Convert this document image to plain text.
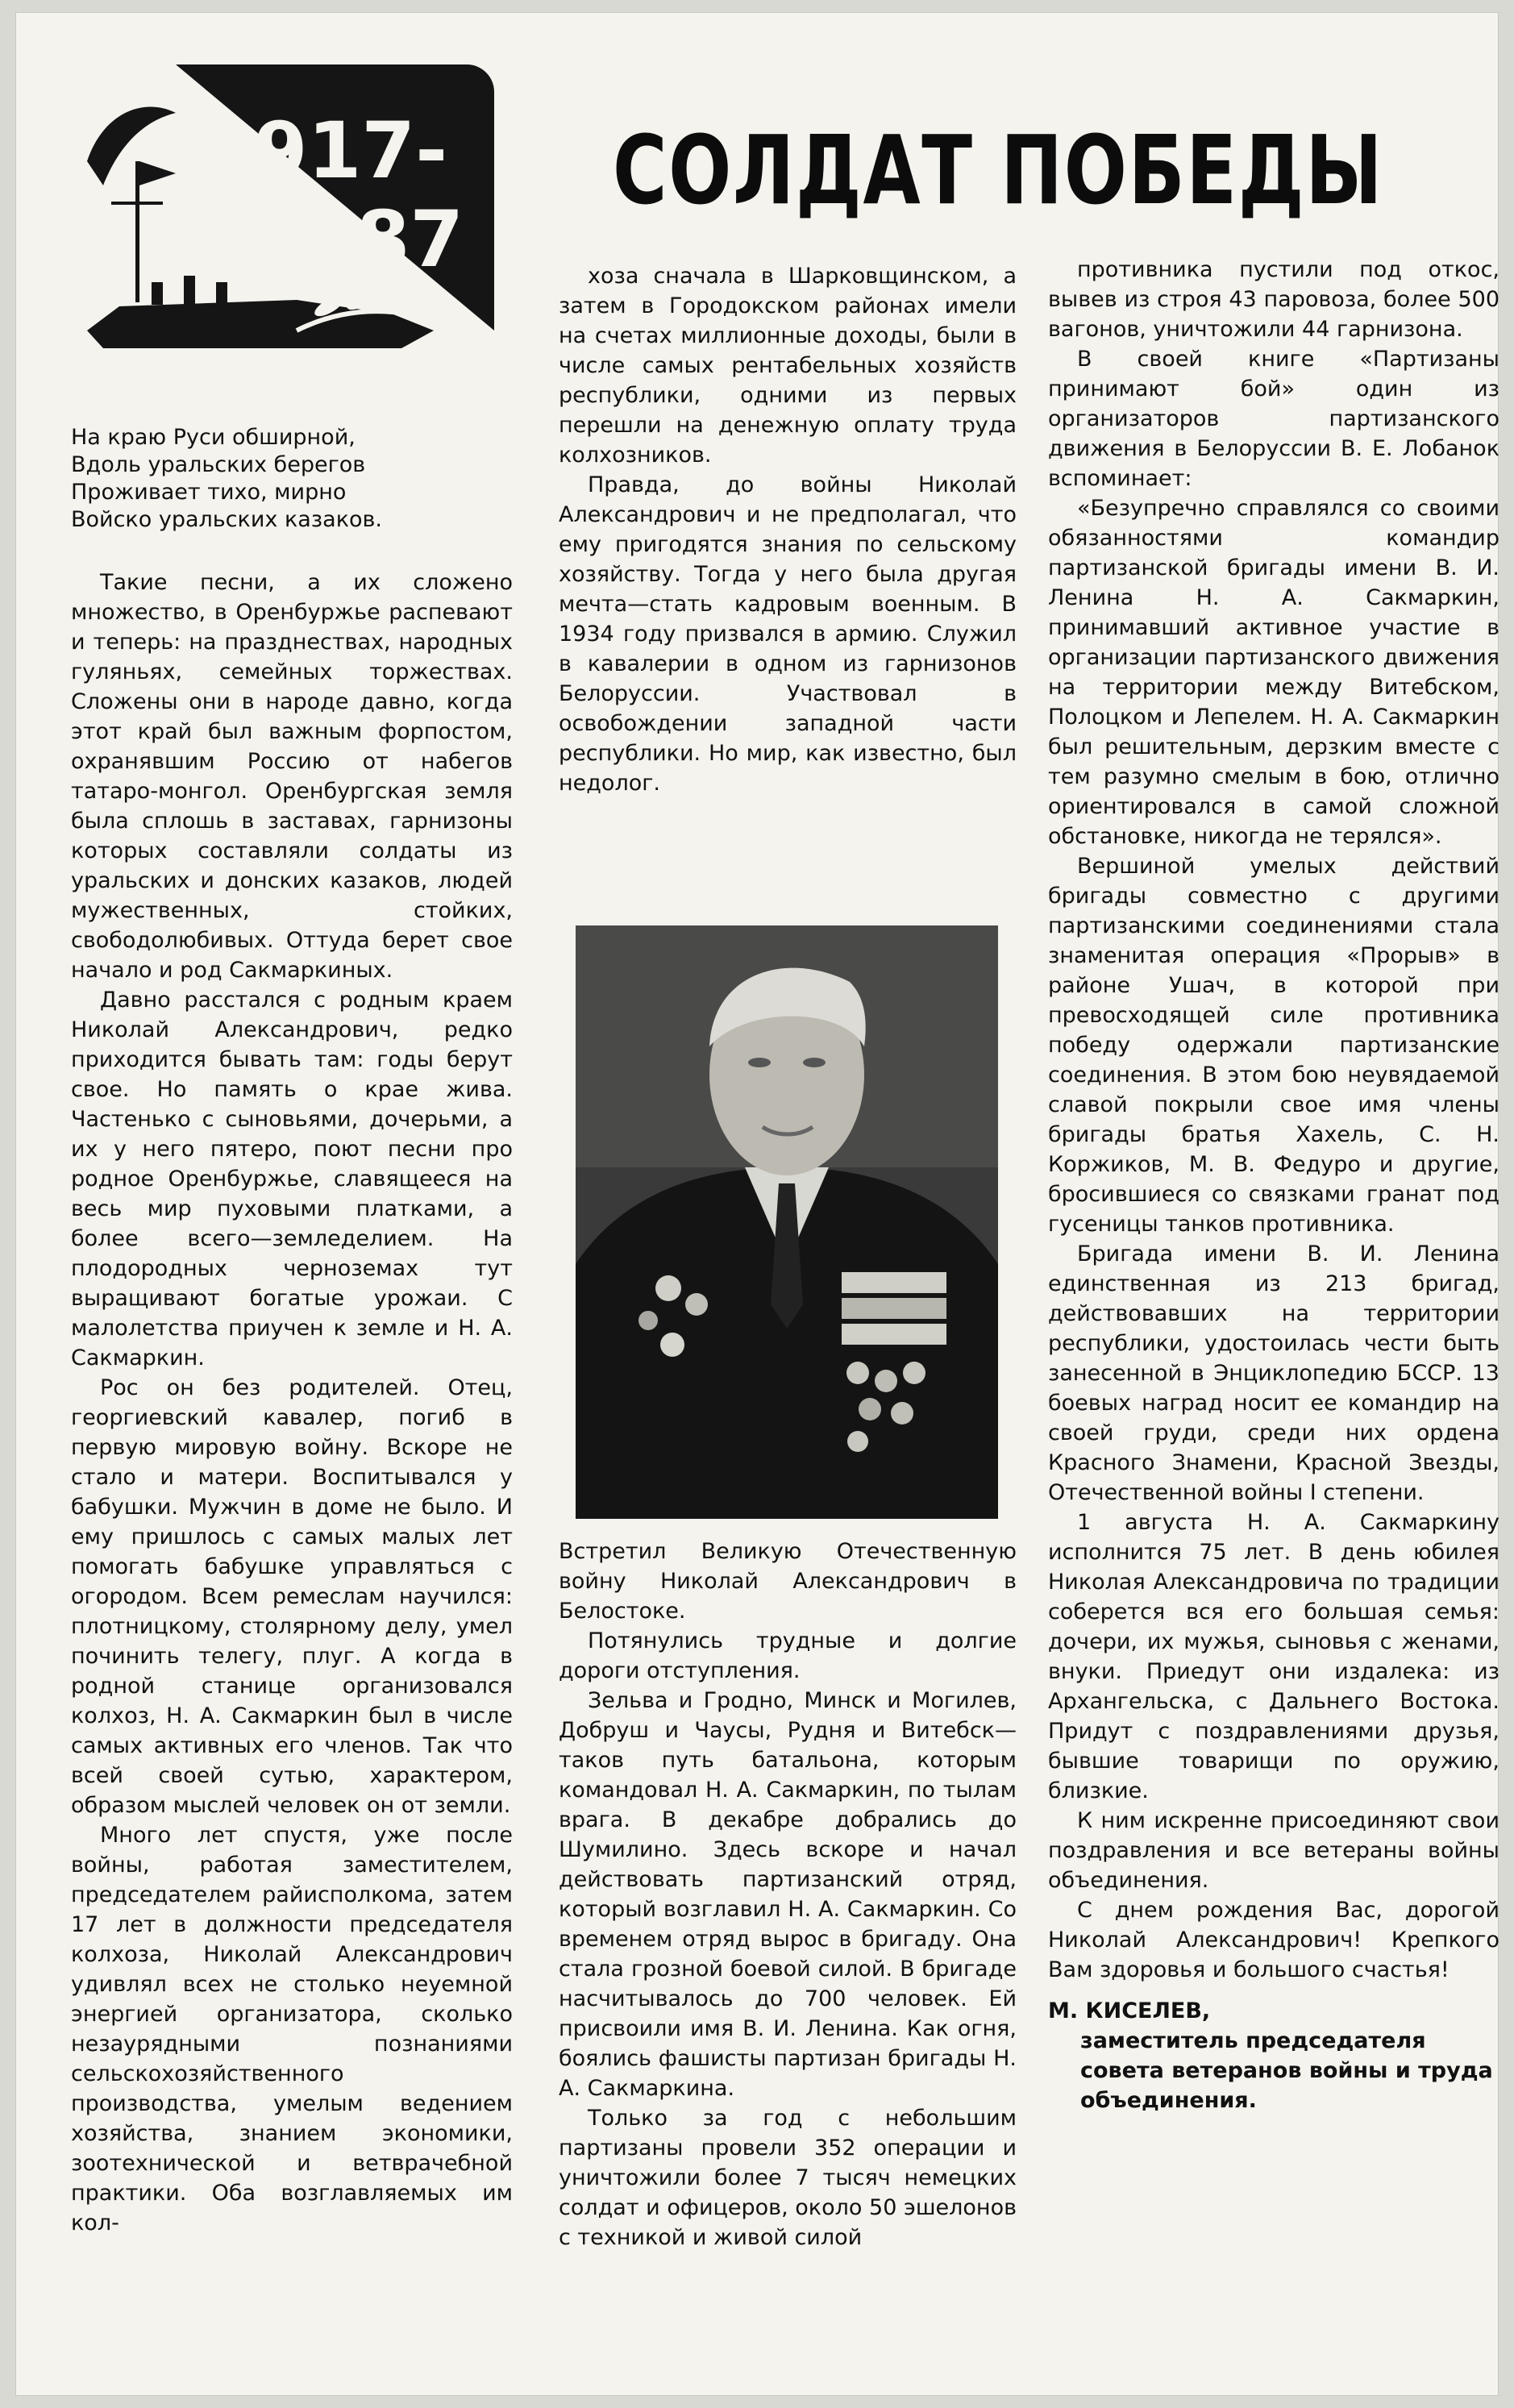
1917-
1987
СОЛДАТ ПОБЕДЫ
На краю Руси обширной,
Вдоль уральских берегов
Проживает тихо, мирно
Войско уральских казаков.

Такие песни, а их сложено множество, в Оренбуржье распевают и теперь: на празднествах, народных гуляньях, семейных торжествах. Сложены они в народе давно, когда этот край был важным форпостом, охранявшим Россию от набегов татаро-монгол. Оренбургская земля была сплошь в заставах, гарнизоны которых составляли солдаты из уральских и донских казаков, людей мужественных, стойких, свободолюбивых. Оттуда берет свое начало и род Сакмаркиных.

Давно расстался с родным краем Николай Александрович, редко приходится бывать там: годы берут свое. Но память о крае жива. Частенько с сыновьями, дочерьми, а их у него пятеро, поют песни про родное Оренбуржье, славящееся на весь мир пуховыми платками, а более всего—земледелием. На плодородных черноземах тут выращивают богатые урожаи. С малолетства приучен к земле и Н. А. Сакмаркин.

Рос он без родителей. Отец, георгиевский кавалер, погиб в первую мировую войну. Вскоре не стало и матери. Воспитывался у бабушки. Мужчин в доме не было. И ему пришлось с самых малых лет помогать бабушке управляться с огородом. Всем ремеслам научился: плотницкому, столярному делу, умел починить телегу, плуг. А когда в родной станице организовался колхоз, Н. А. Сакмаркин был в числе самых активных его членов. Так что всей своей сутью, характером, образом мыслей человек он от земли.

Много лет спустя, уже после войны, работая заместителем, председателем райисполкома, затем 17 лет в должности председателя колхоза, Николай Александрович удивлял всех не столько неуемной энергией организатора, сколько незаурядными познаниями сельскохозяйственного производства, умелым ведением хозяйства, знанием экономики, зоотехнической и ветврачебной практики. Оба возглавляемых им кол-

хоза сначала в Шарковщинском, а затем в Городокском районах имели на счетах миллионные доходы, были в числе самых рентабельных хозяйств республики, одними из первых перешли на денежную оплату труда колхозников.

Правда, до войны Николай Александрович и не предполагал, что ему пригодятся знания по сельскому хозяйству. Тогда у него была другая мечта—стать кадровым военным. В 1934 году призвался в армию. Служил в кавалерии в одном из гарнизонов Белоруссии. Участвовал в освобождении западной части республики. Но мир, как известно, был недолог.

Встретил Великую Отечественную войну Николай Александрович в Белостоке.

Потянулись трудные и долгие дороги отступления.

Зельва и Гродно, Минск и Могилев, Добруш и Чаусы, Рудня и Витебск—таков путь батальона, которым командовал Н. А. Сакмаркин, по тылам врага. В декабре добрались до Шумилино. Здесь вскоре и начал действовать партизанский отряд, который возглавил Н. А. Сакмаркин. Со временем отряд вырос в бригаду. Она стала грозной боевой силой. В бригаде насчитывалось до 700 человек. Ей присвоили имя В. И. Ленина. Как огня, боялись фашисты партизан бригады Н. А. Сакмаркина.

Только за год с небольшим партизаны провели 352 операции и уничтожили более 7 тысяч немецких солдат и офицеров, около 50 эшелонов с техникой и живой силой

противника пустили под откос, вывев из строя 43 паровоза, более 500 вагонов, уничтожили 44 гарнизона.

В своей книге «Партизаны принимают бой» один из организаторов партизанского движения в Белоруссии В. Е. Лобанок вспоминает:

«Безупречно справлялся со своими обязанностями командир партизанской бригады имени В. И. Ленина Н. А. Сакмаркин, принимавший активное участие в организации партизанского движения на территории между Витебском, Полоцком и Лепелем. Н. А. Сакмаркин был решительным, дерзким вместе с тем разумно смелым в бою, отлично ориентировался в самой сложной обстановке, никогда не терялся».

Вершиной умелых действий бригады совместно с другими партизанскими соединениями стала знаменитая операция «Прорыв» в районе Ушач, в которой при превосходящей силе противника победу одержали партизанские соединения. В этом бою неувядаемой славой покрыли свое имя члены бригады братья Хахель, С. Н. Коржиков, М. В. Федуро и другие, бросившиеся со связками гранат под гусеницы танков противника.

Бригада имени В. И. Ленина единственная из 213 бригад, действовавших на территории республики, удостоилась чести быть занесенной в Энциклопедию БССР. 13 боевых наград носит ее командир на своей груди, среди них ордена Красного Знамени, Красной Звезды, Отечественной войны I степени.

1 августа Н. А. Сакмаркину исполнится 75 лет. В день юбилея Николая Александровича по традиции соберется вся его большая семья: дочери, их мужья, сыновья с женами, внуки. Приедут они издалека: из Архангельска, с Дальнего Востока. Придут с поздравлениями друзья, бывшие товарищи по оружию, близкие.

К ним искренне присоединяют свои поздравления и все ветераны войны объединения.

С днем рождения Вас, дорогой Николай Александрович! Крепкого Вам здоровья и большого счастья!

М. КИСЕЛЕВ,

заместитель председателя совета ветеранов войны и труда объединения.
